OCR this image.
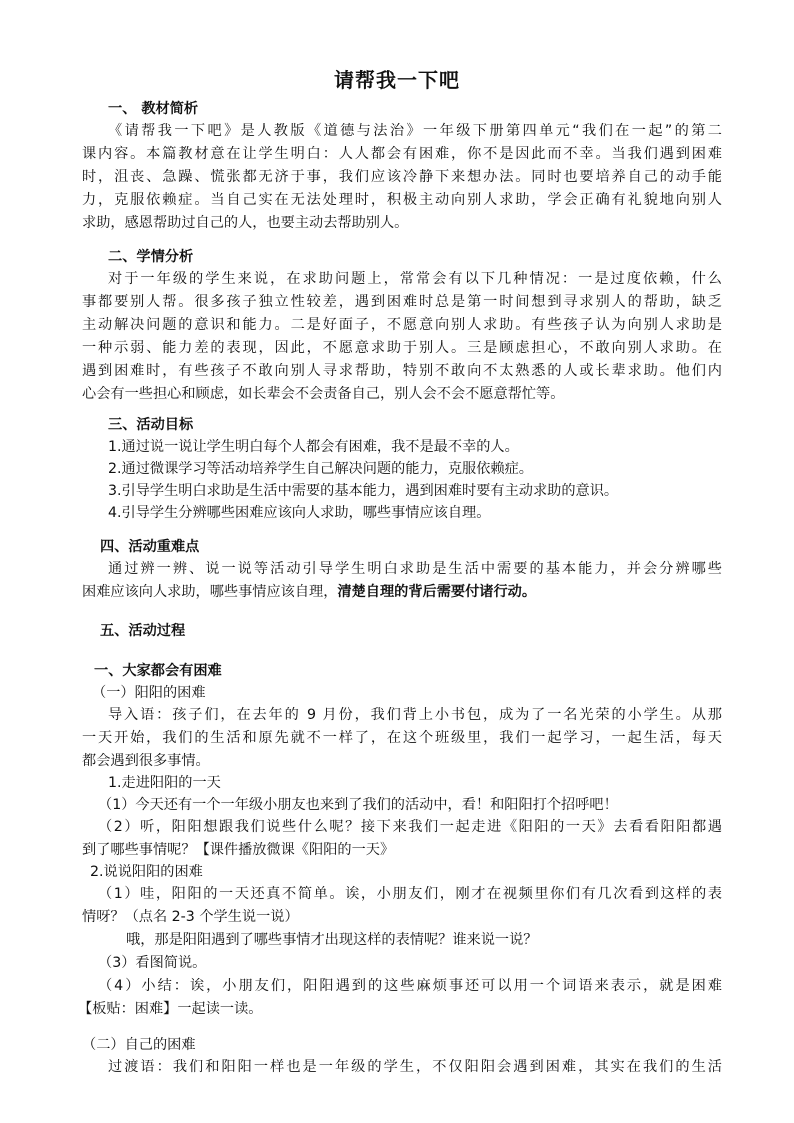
请帮我一下吧
一、 教材简析
《请帮我一下吧》是人教版《道德与法治》一年级下册第四单元“我们在一起”的第二
课内容。本篇教材意在让学生明白：人人都会有困难，你不是因此而不幸。当我们遇到困难
时，沮丧、急躁、慌张都无济于事，我们应该冷静下来想办法。同时也要培养自己的动手能
力，克服依赖症。当自己实在无法处理时，积极主动向别人求助，学会正确有礼貌地向别人
求助，感恩帮助过自己的人，也要主动去帮助别人。
二、学情分析
对于一年级的学生来说，在求助问题上，常常会有以下几种情况：一是过度依赖，什么
事都要别人帮。很多孩子独立性较差，遇到困难时总是第一时间想到寻求别人的帮助，缺乏
主动解决问题的意识和能力。二是好面子，不愿意向别人求助。有些孩子认为向别人求助是
一种示弱、能力差的表现，因此，不愿意求助于别人。三是顾虑担心，不敢向别人求助。在
遇到困难时，有些孩子不敢向别人寻求帮助，特别不敢向不太熟悉的人或长辈求助。他们内
心会有一些担心和顾虑，如长辈会不会责备自己，别人会不会不愿意帮忙等。
三、活动目标
1.通过说一说让学生明白每个人都会有困难，我不是最不幸的人。
2.通过微课学习等活动培养学生自己解决问题的能力，克服依赖症。
3.引导学生明白求助是生活中需要的基本能力，遇到困难时要有主动求助的意识。
4.引导学生分辨哪些困难应该向人求助，哪些事情应该自理。
四、活动重难点
通过辨一辨、说一说等活动引导学生明白求助是生活中需要的基本能力，并会分辨哪些
困难应该向人求助，哪些事情应该自理，清楚自理的背后需要付诸行动。
五、活动过程
一、大家都会有困难
（一）阳阳的困难
导入语：孩子们，在去年的 9 月份，我们背上小书包，成为了一名光荣的小学生。从那
一天开始，我们的生活和原先就不一样了，在这个班级里，我们一起学习，一起生活，每天
都会遇到很多事情。
1.走进阳阳的一天
（1）今天还有一个一年级小朋友也来到了我们的活动中，看！和阳阳打个招呼吧！
（2）听，阳阳想跟我们说些什么呢？接下来我们一起走进《阳阳的一天》去看看阳阳都遇
到了哪些事情呢？【课件播放微课《阳阳的一天》
2.说说阳阳的困难
（1）哇，阳阳的一天还真不简单。诶，小朋友们，刚才在视频里你们有几次看到这样的表
情呀？（点名 2-3 个学生说一说）
哦，那是阳阳遇到了哪些事情才出现这样的表情呢？谁来说一说？
（3）看图简说。
（4）小结：诶，小朋友们，阳阳遇到的这些麻烦事还可以用一个词语来表示，就是困难
【板贴：困难】一起读一读。
（二）自己的困难
过渡语：我们和阳阳一样也是一年级的学生，不仅阳阳会遇到困难，其实在我们的生活
